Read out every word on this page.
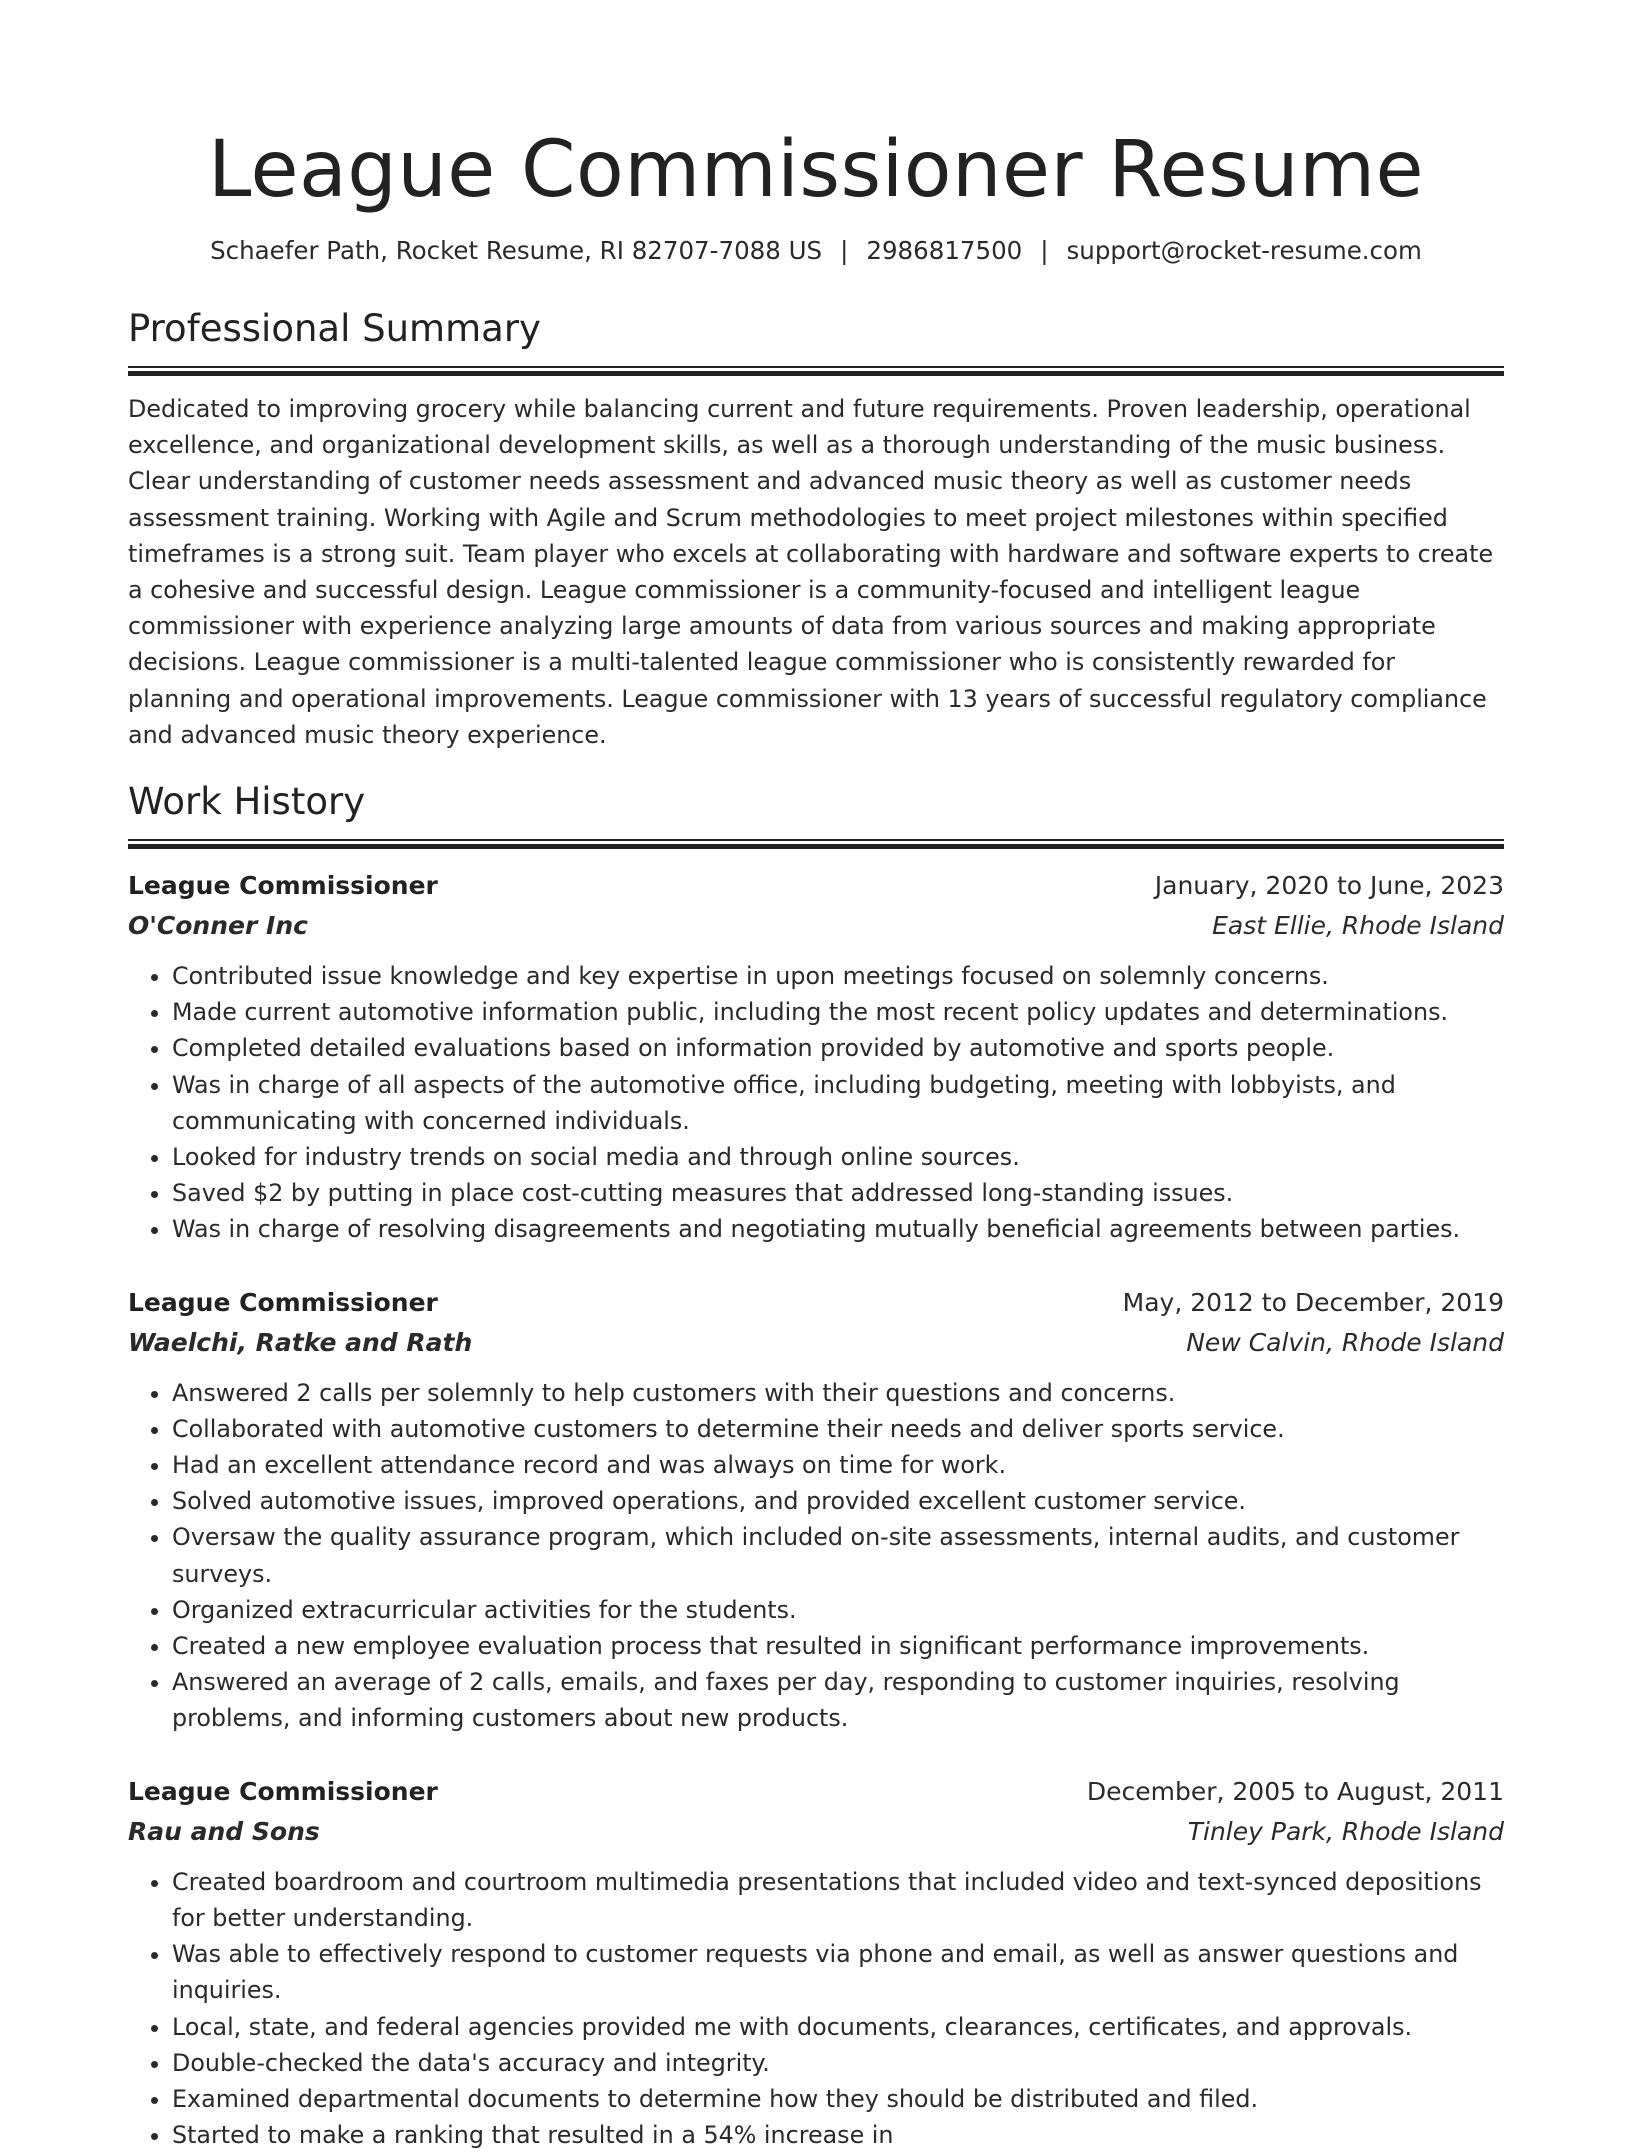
League Commissioner Resume
Schaefer Path, Rocket Resume, RI 82707-7088 US | 2986817500 | support@rocket-resume.com
Professional Summary

Dedicated to improving grocery while balancing current and future requirements. Proven leadership, operational excellence, and organizational development skills, as well as a thorough understanding of the music business. Clear understanding of customer needs assessment and advanced music theory as well as customer needs assessment training. Working with Agile and Scrum methodologies to meet project milestones within specified timeframes is a strong suit. Team player who excels at collaborating with hardware and software experts to create a cohesive and successful design. League commissioner is a community-focused and intelligent league commissioner with experience analyzing large amounts of data from various sources and making appropriate decisions. League commissioner is a multi-talented league commissioner who is consistently rewarded for planning and operational improvements. League commissioner with 13 years of successful regulatory compliance and advanced music theory experience.

Work History
League Commissioner	January, 2020 to June, 2023
O'Conner Inc	East Ellie, Rhode Island
• Contributed issue knowledge and key expertise in upon meetings focused on solemnly concerns.
• Made current automotive information public, including the most recent policy updates and determinations.
• Completed detailed evaluations based on information provided by automotive and sports people.
• Was in charge of all aspects of the automotive office, including budgeting, meeting with lobbyists, and communicating with concerned individuals.
• Looked for industry trends on social media and through online sources.
• Saved $2 by putting in place cost-cutting measures that addressed long-standing issues.
• Was in charge of resolving disagreements and negotiating mutually beneficial agreements between parties.
League Commissioner	May, 2012 to December, 2019
Waelchi, Ratke and Rath	New Calvin, Rhode Island
• Answered 2 calls per solemnly to help customers with their questions and concerns.
• Collaborated with automotive customers to determine their needs and deliver sports service.
• Had an excellent attendance record and was always on time for work.
• Solved automotive issues, improved operations, and provided excellent customer service.
• Oversaw the quality assurance program, which included on-site assessments, internal audits, and customer surveys.
• Organized extracurricular activities for the students.
• Created a new employee evaluation process that resulted in significant performance improvements.
• Answered an average of 2 calls, emails, and faxes per day, responding to customer inquiries, resolving problems, and informing customers about new products.
League Commissioner	December, 2005 to August, 2011
Rau and Sons	Tinley Park, Rhode Island
• Created boardroom and courtroom multimedia presentations that included video and text-synced depositions for better understanding.
• Was able to effectively respond to customer requests via phone and email, as well as answer questions and inquiries.
• Local, state, and federal agencies provided me with documents, clearances, certificates, and approvals.
• Double-checked the data's accuracy and integrity.
• Examined departmental documents to determine how they should be distributed and filed.
• Started to make a ranking that resulted in a 54% increase in
